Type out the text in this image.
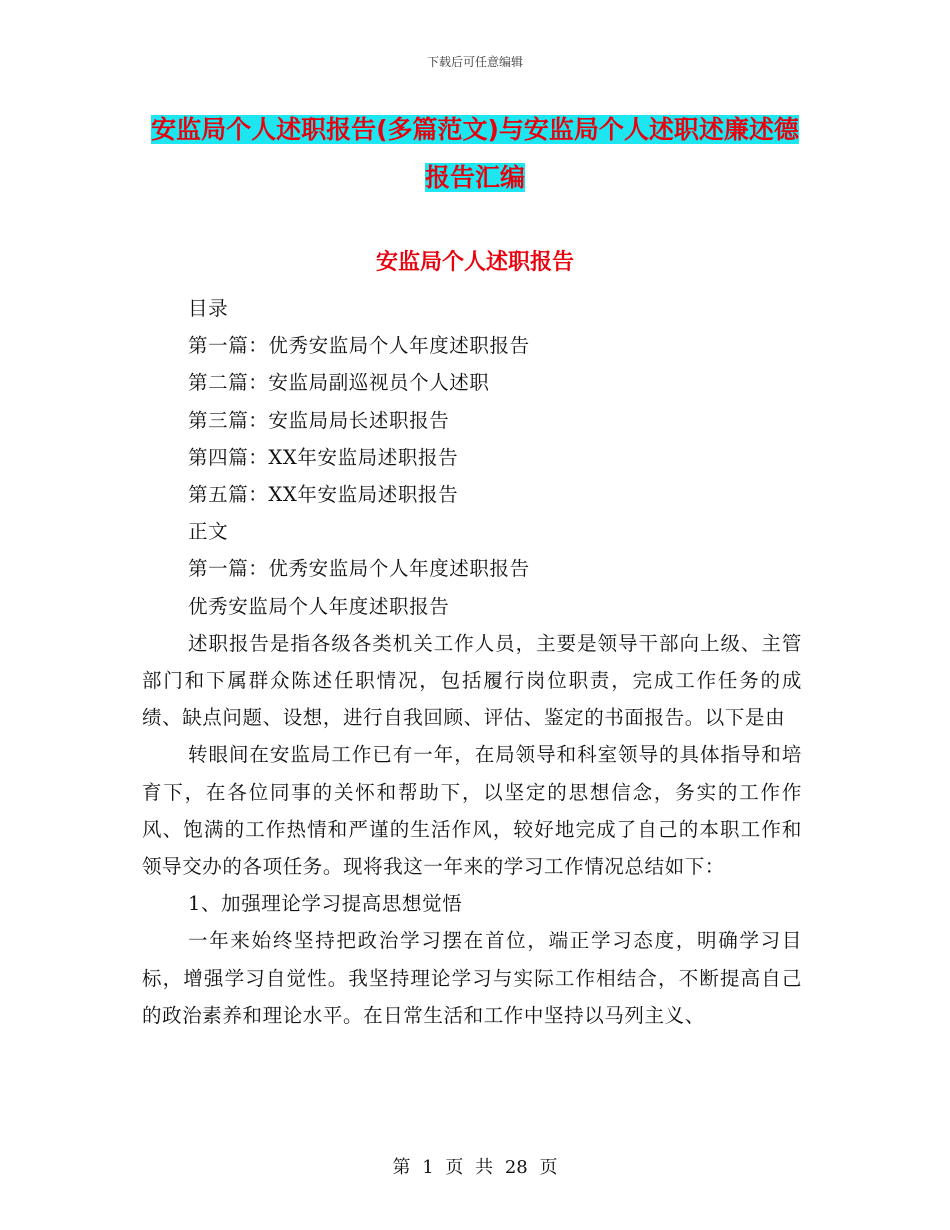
下载后可任意编辑
安监局个人述职报告(多篇范文)与安监局个人述职述廉述德报告汇编
安监局个人述职报告
目录
第一篇：优秀安监局个人年度述职报告
第二篇：安监局副巡视员个人述职
第三篇：安监局局长述职报告
第四篇：XX年安监局述职报告
第五篇：XX年安监局述职报告
正文
第一篇：优秀安监局个人年度述职报告
优秀安监局个人年度述职报告
述职报告是指各级各类机关工作人员，主要是领导干部向上级、主管部门和下属群众陈述任职情况，包括履行岗位职责，完成工作任务的成绩、缺点问题、设想，进行自我回顾、评估、鉴定的书面报告。以下是由
转眼间在安监局工作已有一年，在局领导和科室领导的具体指导和培育下，在各位同事的关怀和帮助下，以坚定的思想信念，务实的工作作风、饱满的工作热情和严谨的生活作风，较好地完成了自己的本职工作和领导交办的各项任务。现将我这一年来的学习工作情况总结如下：
1、加强理论学习提高思想觉悟
一年来始终坚持把政治学习摆在首位，端正学习态度，明确学习目标，增强学习自觉性。我坚持理论学习与实际工作相结合，不断提高自己的政治素养和理论水平。在日常生活和工作中坚持以马列主义、
第 1 页 共 28 页
